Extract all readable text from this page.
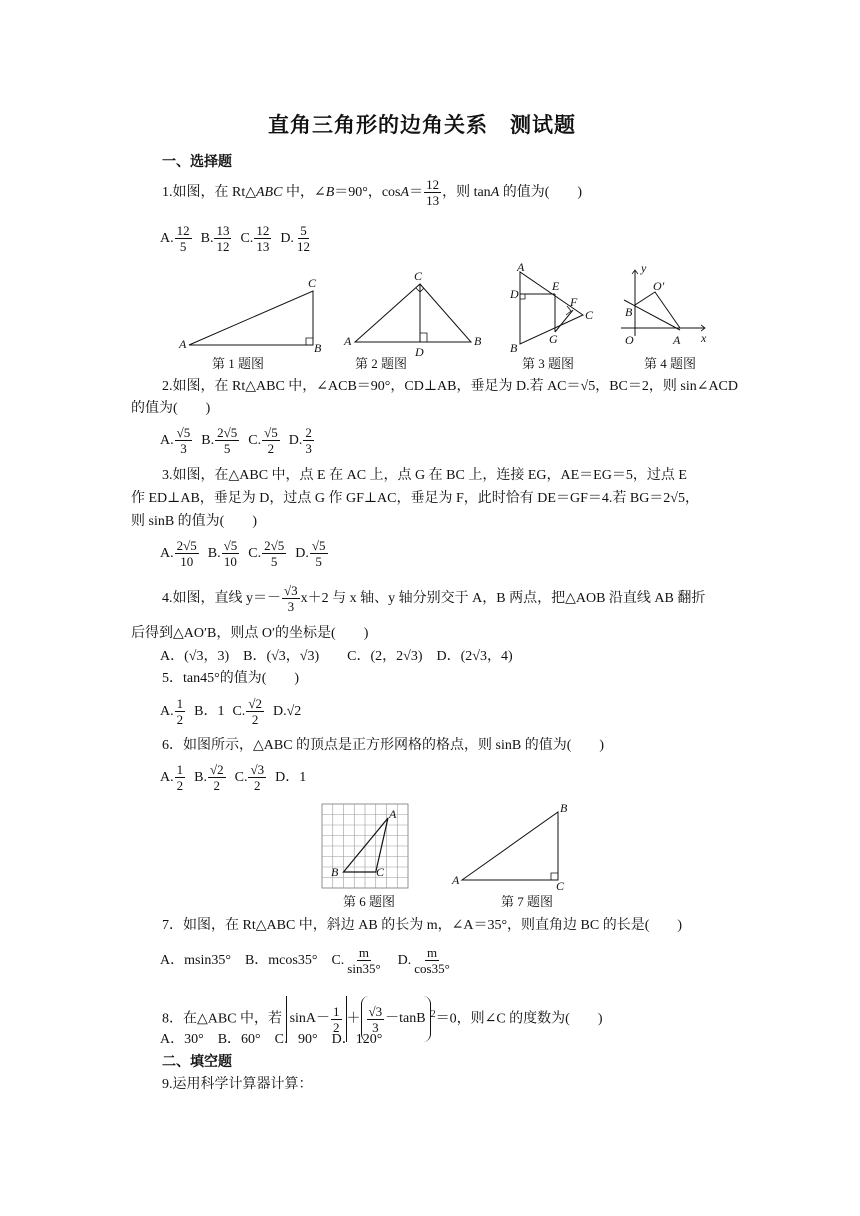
直角三角形的边角关系　测试题
一、选择题
1.如图，在 Rt△ABC 中，∠B＝90°，$\cos A= \frac{12}{13}$ ，则 tanA 的值为(　　)
A. $\frac{12}{5} B$. $\frac{13}{12} C$. $\frac{12}{13} D$. $\frac{5}{12}$
A	B
C
A	B
C
D
A
B
C
D
E
F
G
y
x
O
O′
A
B
第 1 题图	第 2 题图	第 3 题图	第 4 题图
2.如图，在 Rt△ABC 中，∠ACB＝90°，CD⊥AB，垂足为 D.若 AC＝√5，BC＝2，则 sin∠ACD
的值为(　　)
A. $\frac{√5}{3} B$. $\frac{2√5}{5} C$. $\frac{√5}{2} D$. $\frac{2}{3}$
3.如图，在△ABC 中，点 E 在 AC 上，点 G 在 BC 上，连接 EG，AE＝EG＝5，过点 E
作 ED⊥AB，垂足为 D，过点 G 作 GF⊥AC，垂足为 F，此时恰有 DE＝GF＝4.若 BG＝2√5，
则 sinB 的值为(　　)
A. $\frac{2√5}{10} B$. $\frac{√5}{10} C$. $\frac{2√5}{5} D$. $\frac{√5}{5}$
4.如图，直线 $y=- \frac{√3}{3} x+2$ 与 x 轴、y 轴分别交于 A，B 两点，把△AOB 沿直线 AB 翻折
后得到△AO′B，则点 O′的坐标是(　　)
A．(√3，3)　B．(√3，√3)　　C．(2，2√3)　D．(2√3，4)
5．tan45°的值为(　　)
A. $\frac{1}{2}$ B．1 C. $\frac{√2}{2} D.√2$
6．如图所示，△ABC 的顶点是正方形网格的格点，则 sinB 的值为(　　)
A. $\frac{1}{2} B$. $\frac{√2}{2} C$. $\frac{√3}{2}$ D．1
A
B	C
A
B
C
第 6 题图	第 7 题图
7．如图，在 Rt△ABC 中，斜边 AB 的长为 m，∠A＝35°，则直角边 BC 的长是(　　)
A．msin35°　 B．mcos35°　 C. $\frac{m}{\sin 35^\circ}$
　 D. $\frac{m}{\cos 35^\circ}$
8．在△ABC 中，若 $\sin A- \frac{1}{2} + \frac{√3}{3} -\tan B$ $^2$＝0，则∠C 的度数为(　　)
A．30°　B．60°　C．90°　D．120°
二、填空题
9.运用科学计算器计算：
